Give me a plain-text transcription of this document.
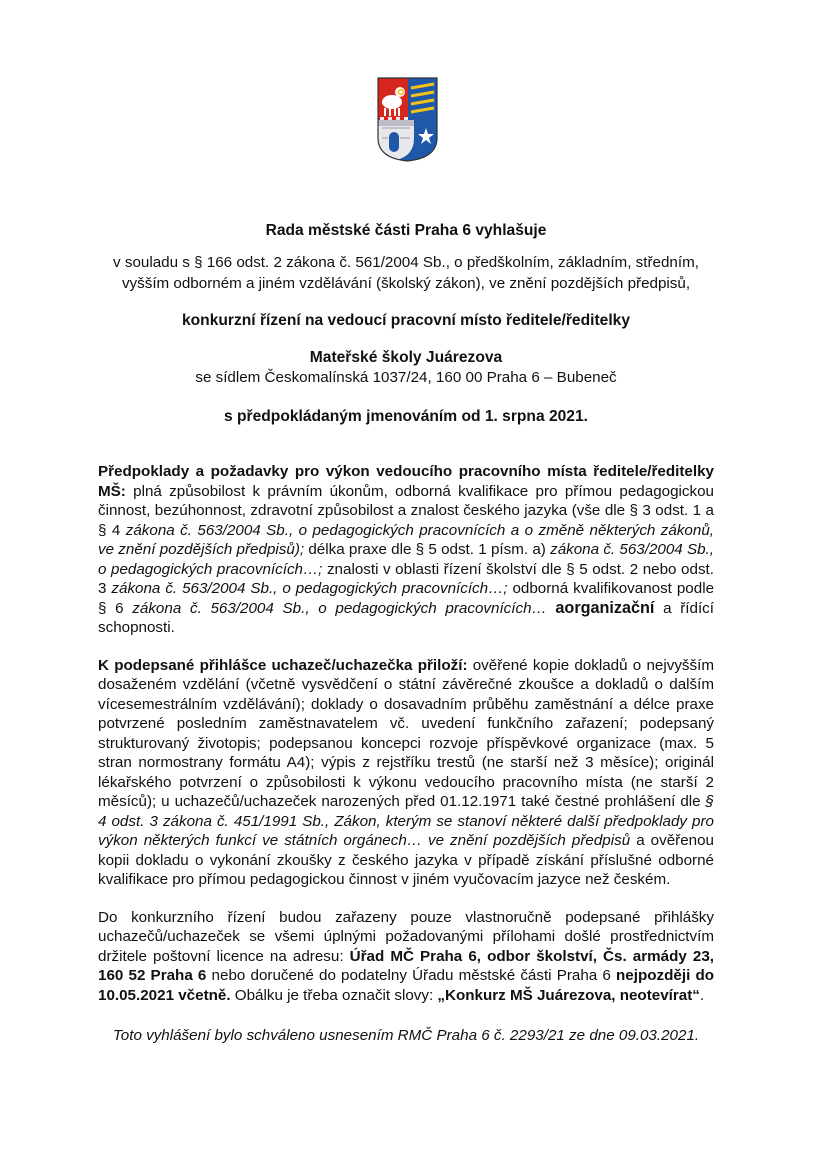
Rada městské části Praha 6 vyhlašuje

v souladu s § 166 odst. 2 zákona č. 561/2004 Sb., o předškolním, základním, středním, vyšším odborném a jiném vzdělávání (školský zákon), ve znění pozdějších předpisů,

konkurzní řízení na vedoucí pracovní místo ředitele/ředitelky

Mateřské školy Juárezova

se sídlem Českomalínská 1037/24, 160 00 Praha 6 – Bubeneč

s předpokládaným jmenováním od 1. srpna 2021.

Předpoklady a požadavky pro výkon vedoucího pracovního místa ředitele/ředitelky MŠ: plná způsobilost k právním úkonům, odborná kvalifikace pro přímou pedagogickou činnost, bezúhonnost, zdravotní způsobilost a znalost českého jazyka (vše dle § 3 odst. 1 a § 4 zákona č. 563/2004 Sb., o pedagogických pracovnících a o změně některých zákonů, ve znění pozdějších předpisů); délka praxe dle § 5 odst. 1 písm. a) zákona č. 563/2004 Sb., o pedagogických pracovnících…; znalosti v oblasti řízení školství dle § 5 odst. 2 nebo odst. 3 zákona č. 563/2004 Sb., o pedagogických pracovnících…; odborná kvalifikovanost podle § 6 zákona č. 563/2004 Sb., o pedagogických pracovnících… aorganizační a řídící schopnosti.

K podepsané přihlášce uchazeč/uchazečka přiloží: ověřené kopie dokladů o nejvyšším dosaženém vzdělání (včetně vysvědčení o státní závěrečné zkoušce a dokladů o dalším vícesemestrálním vzdělávání); doklady o dosavadním průběhu zaměstnání a délce praxe potvrzené posledním zaměstnavatelem vč. uvedení funkčního zařazení; podepsaný strukturovaný životopis; podepsanou koncepci rozvoje příspěvkové organizace (max. 5 stran normostrany formátu A4); výpis z rejstříku trestů (ne starší než 3 měsíce); originál lékařského potvrzení o způsobilosti k výkonu vedoucího pracovního místa (ne starší 2 měsíců); u uchazečů/uchazeček narozených před 01.12.1971 také čestné prohlášení dle § 4 odst. 3 zákona č. 451/1991 Sb., Zákon, kterým se stanoví některé další předpoklady pro výkon některých funkcí ve státních orgánech… ve znění pozdějších předpisů a ověřenou kopii dokladu o vykonání zkoušky z českého jazyka v případě získání příslušné odborné kvalifikace pro přímou pedagogickou činnost v jiném vyučovacím jazyce než českém.

Do konkurzního řízení budou zařazeny pouze vlastnoručně podepsané přihlášky uchazečů/uchazeček se všemi úplnými požadovanými přílohami došlé prostřednictvím držitele poštovní licence na adresu: Úřad MČ Praha 6, odbor školství, Čs. armády 23, 160 52 Praha 6 nebo doručené do podatelny Úřadu městské části Praha 6 nejpozději do 10.05.2021 včetně. Obálku je třeba označit slovy: „Konkurz MŠ Juárezova, neotevírat“.

Toto vyhlášení bylo schváleno usnesením RMČ Praha 6 č. 2293/21 ze dne 09.03.2021.
